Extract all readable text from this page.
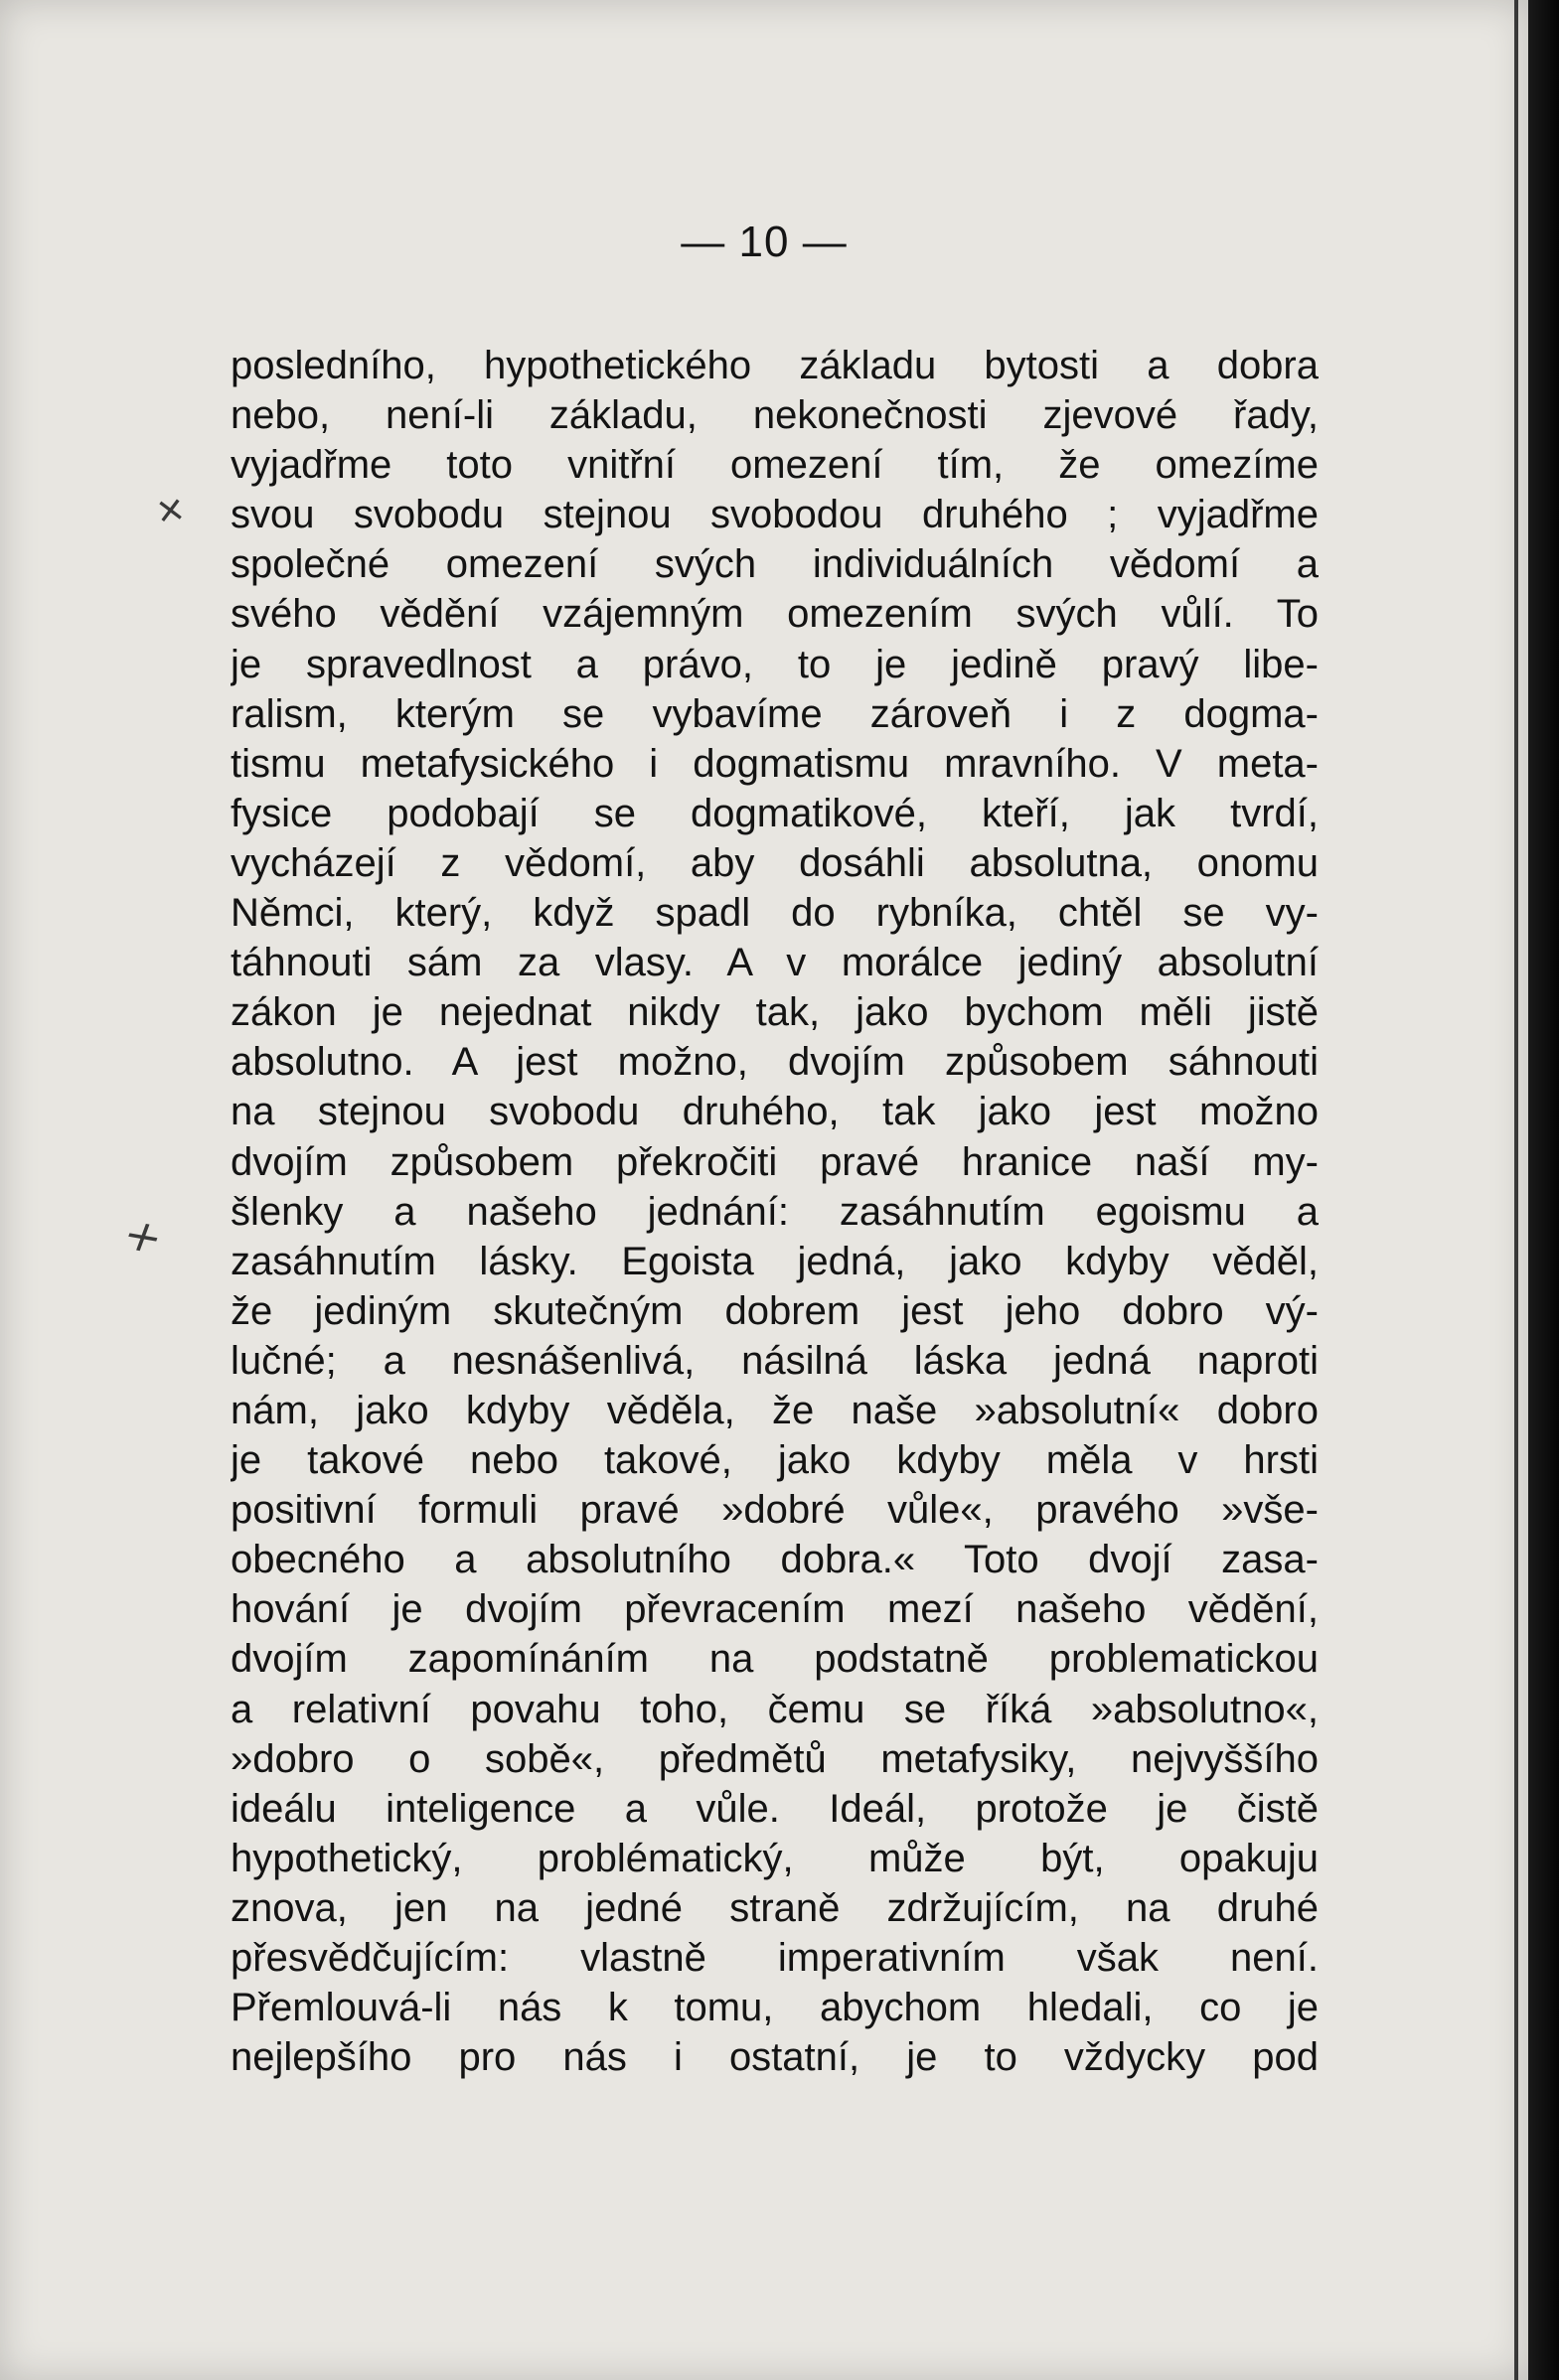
— 10 —
×
×
posledního, hypothetického základu bytosti a dobra
nebo, není-li základu, nekonečnosti zjevové řady,
vyjadřme toto vnitřní omezení tím, že omezíme
svou svobodu stejnou svobodou druhého ; vyjadřme
společné omezení svých individuálních vědomí a
svého vědění vzájemným omezením svých vůlí. To
je spravedlnost a právo, to je jedině pravý libe-
ralism, kterým se vybavíme zároveň i z dogma-
tismu metafysického i dogmatismu mravního. V meta-
fysice podobají se dogmatikové, kteří, jak tvrdí,
vycházejí z vědomí, aby dosáhli absolutna, onomu
Němci, který, když spadl do rybníka, chtěl se vy-
táhnouti sám za vlasy. A v morálce jediný absolutní
zákon je nejednat nikdy tak, jako bychom měli jistě
absolutno. A jest možno, dvojím způsobem sáhnouti
na stejnou svobodu druhého, tak jako jest možno
dvojím způsobem překročiti pravé hranice naší my-
šlenky a našeho jednání: zasáhnutím egoismu a
zasáhnutím lásky. Egoista jedná, jako kdyby věděl,
že jediným skutečným dobrem jest jeho dobro vý-
lučné; a nesnášenlivá, násilná láska jedná naproti
nám, jako kdyby věděla, že naše »absolutní« dobro
je takové nebo takové, jako kdyby měla v hrsti
positivní formuli pravé »dobré vůle«, pravého »vše-
obecného a absolutního dobra.« Toto dvojí zasa-
hování je dvojím převracením mezí našeho vědění,
dvojím zapomínáním na podstatně problematickou
a relativní povahu toho, čemu se říká »absolutno«,
»dobro o sobě«, předmětů metafysiky, nejvyššího
ideálu inteligence a vůle. Ideál, protože je čistě
hypothetický, problématický, může být, opakuju
znova, jen na jedné straně zdržujícím, na druhé
přesvědčujícím: vlastně imperativním však není.
Přemlouvá-li nás k tomu, abychom hledali, co je
nejlepšího pro nás i ostatní, je to vždycky pod
